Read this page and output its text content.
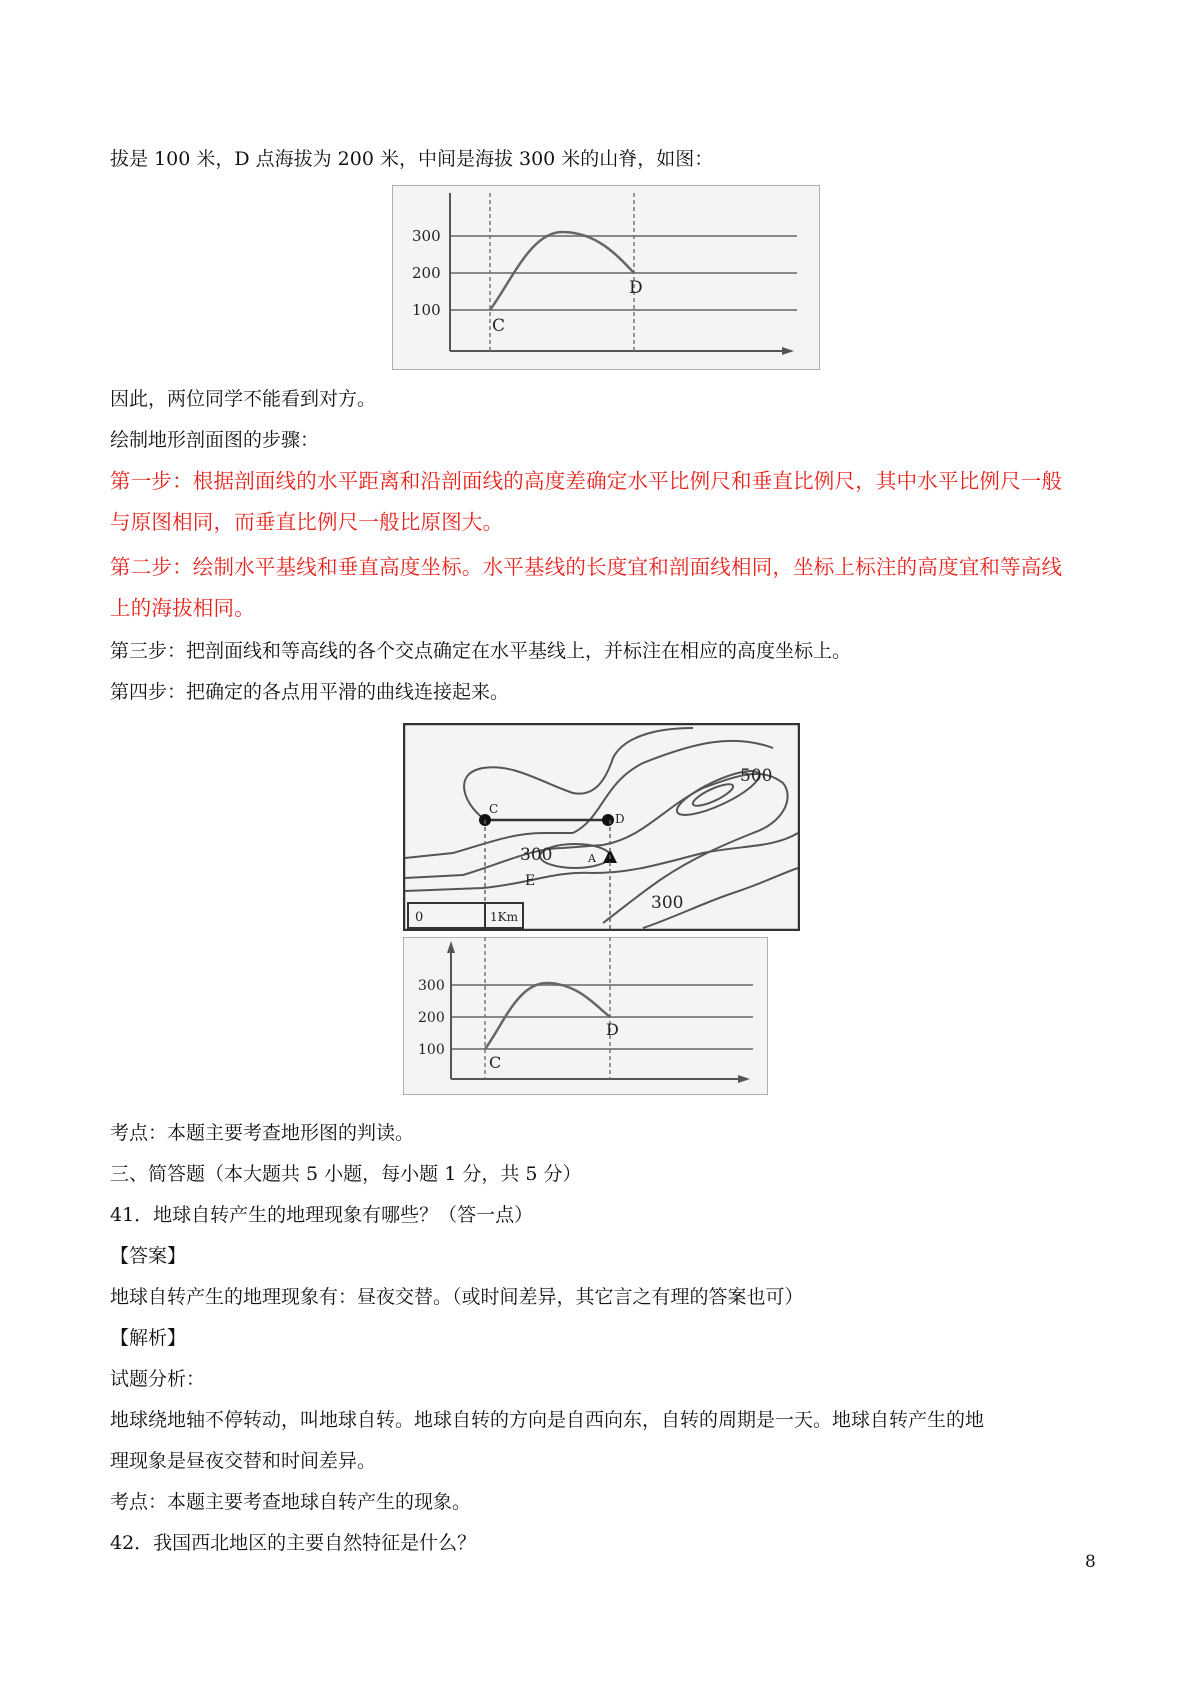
拔是 100 米，D 点海拔为 200 米，中间是海拔 300 米的山脊，如图：
300
200
100
C
D
因此，两位同学不能看到对方。
绘制地形剖面图的步骤：
第一步：根据剖面线的水平距离和沿剖面线的高度差确定水平比例尺和垂直比例尺，其中水平比例尺一般
与原图相同，而垂直比例尺一般比原图大。
第二步：绘制水平基线和垂直高度坐标。水平基线的长度宜和剖面线相同，坐标上标注的高度宜和等高线
上的海拔相同。
第三步：把剖面线和等高线的各个交点确定在水平基线上，并标注在相应的高度坐标上。
第四步：把确定的各点用平滑的曲线连接起来。
500
300
300
C
D
A
E
0	1Km
300
200
100
C
D
考点：本题主要考查地形图的判读。
三、简答题（本大题共 5 小题，每小题 1 分，共 5 分）
41．地球自转产生的地理现象有哪些？（答一点）
【答案】
地球自转产生的地理现象有：昼夜交替。（或时间差异，其它言之有理的答案也可）
【解析】
试题分析：
地球绕地轴不停转动，叫地球自转。地球自转的方向是自西向东，自转的周期是一天。地球自转产生的地
理现象是昼夜交替和时间差异。
考点：本题主要考查地球自转产生的现象。
42．我国西北地区的主要自然特征是什么？
8
